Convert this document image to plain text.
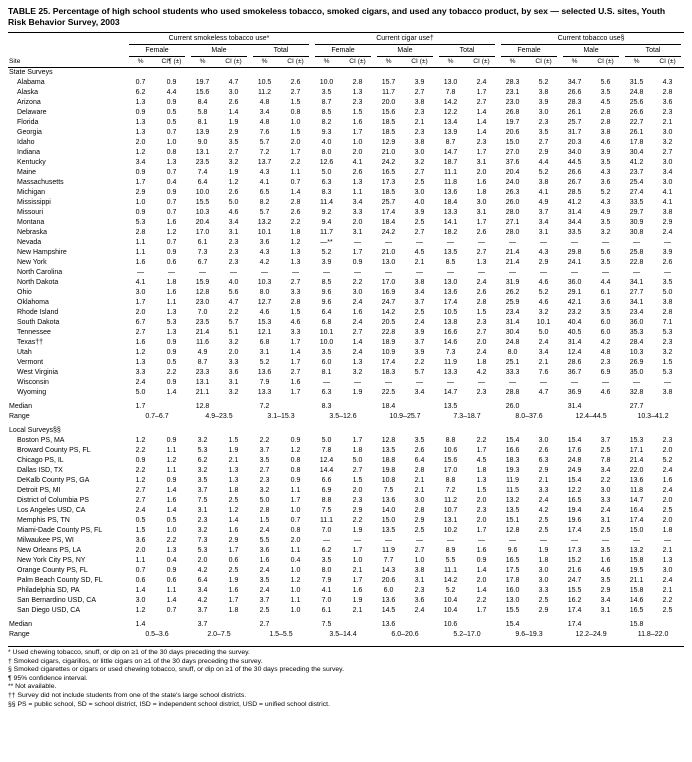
TABLE 25. Percentage of high school students who used smokeless tobacco, smoked cigars, and used any tobacco product, by sex — selected U.S. sites, Youth Risk Behavior Survey, 2003

	Current smokeless tobacco use*						Current cigar use†						Current tobacco use§					

	Female		Male		Total		Female		Male		Total		Female		Male		Total	

Site	%	CI¶ (±)	%	CI (±)	%	CI (±)	%	CI (±)	%	CI (±)	%	CI (±)	%	CI (±)	%	CI (±)	%	CI (±)
State Surveys																		
Alabama	0.7	0.9	19.7	4.7	10.5	2.6	10.0	2.8	15.7	3.9	13.0	2.4	28.3	5.2	34.7	5.6	31.5	4.3
Alaska	6.2	4.4	15.6	3.0	11.2	2.7	3.5	1.3	11.7	2.7	7.8	1.7	23.1	3.8	26.6	3.5	24.8	2.8
Arizona	1.3	0.9	8.4	2.6	4.8	1.5	8.7	2.3	20.0	3.8	14.2	2.7	23.0	3.9	28.3	4.5	25.6	3.6
Delaware	0.9	0.5	5.8	1.4	3.4	0.8	8.5	1.5	15.6	2.3	12.2	1.4	26.8	3.0	26.1	2.8	26.6	2.3
Florida	1.3	0.5	8.1	1.9	4.8	1.0	8.2	1.6	18.5	2.1	13.4	1.4	19.7	2.3	25.7	2.8	22.7	2.1
Georgia	1.3	0.7	13.9	2.9	7.6	1.5	9.3	1.7	18.5	2.3	13.9	1.4	20.6	3.5	31.7	3.8	26.1	3.0
Idaho	2.0	1.0	9.0	3.5	5.7	2.0	4.0	1.0	12.9	3.8	8.7	2.3	15.0	2.7	20.3	4.6	17.8	3.2
Indiana	1.2	0.8	13.1	2.7	7.2	1.7	8.0	2.0	21.0	3.0	14.7	1.7	27.0	2.9	34.0	3.9	30.4	2.7
Kentucky	3.4	1.3	23.5	3.2	13.7	2.2	12.6	4.1	24.2	3.2	18.7	3.1	37.6	4.4	44.5	3.5	41.2	3.0
Maine	0.9	0.7	7.4	1.9	4.3	1.1	5.0	2.6	16.5	2.7	11.1	2.0	20.4	5.2	26.6	4.3	23.7	3.4
Massachusetts	1.7	0.4	6.4	1.2	4.1	0.7	6.3	1.3	17.3	2.5	11.8	1.6	24.0	3.8	26.7	3.6	25.4	3.0
Michigan	2.9	0.9	10.0	2.6	6.5	1.4	8.3	1.1	18.5	3.0	13.6	1.8	26.3	4.1	28.5	5.2	27.4	4.1
Mississippi	1.0	0.7	15.5	5.0	8.2	2.8	11.4	3.4	25.7	4.0	18.4	3.0	26.0	4.9	41.2	4.3	33.5	4.1
Missouri	0.9	0.7	10.3	4.6	5.7	2.6	9.2	3.3	17.4	3.9	13.3	3.1	28.0	3.7	31.4	4.9	29.7	3.8
Montana	5.3	1.6	20.4	3.4	13.2	2.2	9.4	2.0	18.4	2.5	14.1	1.7	27.1	3.4	34.4	3.5	30.9	2.9
Nebraska	2.8	1.2	17.0	3.1	10.1	1.8	11.7	3.1	24.2	2.7	18.2	2.6	28.0	3.1	33.5	3.2	30.8	2.4
Nevada	1.1	0.7	6.1	2.3	3.6	1.2	—**	—	—	—	—	—	—	—	—	—	—	—
New Hampshire	1.1	0.9	7.3	2.3	4.3	1.3	5.2	1.7	21.0	4.5	13.5	2.7	21.4	4.3	29.8	5.6	25.8	3.9
New York	1.6	0.6	6.7	2.3	4.2	1.3	3.9	0.9	13.0	2.1	8.5	1.3	21.4	2.9	24.1	3.5	22.8	2.6
North Carolina	—	—	—	—	—	—	—	—	—	—	—	—	—	—	—	—	—	—
North Dakota	4.1	1.8	15.9	4.0	10.3	2.7	8.5	2.2	17.0	3.8	13.0	2.4	31.9	4.6	36.0	4.4	34.1	3.5
Ohio	3.0	1.6	12.8	5.6	8.0	3.3	9.6	3.0	16.9	3.4	13.6	2.6	26.2	5.2	29.1	6.1	27.7	5.0
Oklahoma	1.7	1.1	23.0	4.7	12.7	2.8	9.6	2.4	24.7	3.7	17.4	2.8	25.9	4.6	42.1	3.6	34.1	3.8
Rhode Island	2.0	1.3	7.0	2.2	4.6	1.5	6.4	1.6	14.2	2.5	10.5	1.5	23.4	3.2	23.2	3.5	23.4	2.8
South Dakota	6.7	5.3	23.5	5.7	15.3	4.6	6.8	2.4	20.5	2.4	13.8	2.3	31.4	10.1	40.4	6.0	36.0	7.1
Tennessee	2.7	1.3	21.4	5.1	12.1	3.3	10.1	2.7	22.8	3.9	16.6	2.7	30.4	5.0	40.5	6.0	35.3	5.3
Texas††	1.6	0.9	11.6	3.2	6.8	1.7	10.0	1.4	18.9	3.7	14.6	2.0	24.8	2.4	31.4	4.2	28.4	2.3
Utah	1.2	0.9	4.9	2.0	3.1	1.4	3.5	2.4	10.9	3.9	7.3	2.4	8.0	3.4	12.4	4.8	10.3	3.2
Vermont	1.3	0.5	8.7	3.3	5.2	1.7	6.0	1.3	17.4	2.2	11.9	1.8	25.1	2.1	28.6	2.3	26.9	1.5
West Virginia	3.3	2.2	23.3	3.6	13.6	2.7	8.1	3.2	18.3	5.7	13.3	4.2	33.3	7.6	36.7	6.9	35.0	5.3
Wisconsin	2.4	0.9	13.1	3.1	7.9	1.6	—	—	—	—	—	—	—	—	—	—	—	—
Wyoming	5.0	1.4	21.1	3.2	13.3	1.7	6.3	1.9	22.5	3.4	14.7	2.3	28.8	4.7	36.9	4.6	32.8	3.8

Median	1.7		12.8		7.2		8.3		18.4		13.5		26.0		31.4		27.7	
Range	0.7–6.7		4.9–23.5		3.1–15.3		3.5–12.6		10.9–25.7		7.3–18.7		8.0–37.6		12.4–44.5		10.3–41.2	

Local Surveys§§																		
Boston PS, MA	1.2	0.9	3.2	1.5	2.2	0.9	5.0	1.7	12.8	3.5	8.8	2.2	15.4	3.0	15.4	3.7	15.3	2.3
Broward County PS, FL	2.2	1.1	5.3	1.9	3.7	1.2	7.8	1.8	13.5	2.6	10.6	1.7	16.6	2.6	17.6	2.5	17.1	2.0
Chicago PS, IL	0.9	1.2	6.2	2.1	3.5	0.8	12.4	5.0	18.8	6.4	15.6	4.5	18.3	6.3	24.8	7.8	21.4	5.2
Dallas ISD, TX	2.2	1.1	3.2	1.3	2.7	0.8	14.4	2.7	19.8	2.8	17.0	1.8	19.3	2.9	24.9	3.4	22.0	2.4
DeKalb County PS, GA	1.2	0.9	3.5	1.3	2.3	0.9	6.6	1.5	10.8	2.1	8.8	1.3	11.9	2.1	15.4	2.2	13.6	1.6
Detroit PS, MI	2.7	1.4	3.7	1.8	3.2	1.1	6.9	2.0	7.5	2.1	7.2	1.5	11.5	3.3	12.2	3.0	11.8	2.4
District of Columbia PS	2.7	1.6	7.5	2.5	5.0	1.7	8.8	2.3	13.6	3.0	11.2	2.0	13.2	2.4	16.5	3.3	14.7	2.0
Los Angeles USD, CA	2.4	1.4	3.1	1.2	2.8	1.0	7.5	2.9	14.0	2.8	10.7	2.3	13.5	4.2	19.4	2.4	16.4	2.5
Memphis PS, TN	0.5	0.5	2.3	1.4	1.5	0.7	11.1	2.2	15.0	2.9	13.1	2.0	15.1	2.5	19.6	3.1	17.4	2.0
Miami-Dade County PS, FL	1.5	1.0	3.2	1.6	2.4	0.8	7.0	1.9	13.5	2.5	10.2	1.7	12.8	2.5	17.4	2.5	15.0	1.8
Milwaukee PS, WI	3.6	2.2	7.3	2.9	5.5	2.0	—	—	—	—	—	—	—	—	—	—	—	—
New Orleans PS, LA	2.0	1.3	5.3	1.7	3.6	1.1	6.2	1.7	11.9	2.7	8.9	1.6	9.6	1.9	17.3	3.5	13.2	2.1
New York City PS, NY	1.1	0.4	2.0	0.6	1.6	0.4	3.5	1.0	7.7	1.0	5.5	0.9	16.5	1.8	15.2	1.6	15.8	1.3
Orange County PS, FL	0.7	0.9	4.2	2.5	2.4	1.0	8.0	2.1	14.3	3.8	11.1	1.4	17.5	3.0	21.6	4.6	19.5	3.0
Palm Beach County SD, FL	0.6	0.6	6.4	1.9	3.5	1.2	7.9	1.7	20.6	3.1	14.2	2.0	17.8	3.0	24.7	3.5	21.1	2.4
Philadelphia SD, PA	1.4	1.1	3.4	1.6	2.4	1.0	4.1	1.6	6.0	2.3	5.2	1.4	16.0	3.3	15.5	2.9	15.8	2.1
San Bernardino USD, CA	3.0	1.4	4.2	1.7	3.7	1.1	7.0	1.9	13.6	3.6	10.4	2.2	13.0	2.5	16.2	3.4	14.6	2.2
San Diego USD, CA	1.2	0.7	3.7	1.8	2.5	1.0	6.1	2.1	14.5	2.4	10.4	1.7	15.5	2.9	17.4	3.1	16.5	2.5

Median	1.4		3.7		2.7		7.5		13.6		10.6		15.4		17.4		15.8	
Range	0.5–3.6		2.0–7.5		1.5–5.5		3.5–14.4		6.0–20.6		5.2–17.0		9.6–19.3		12.2–24.9		11.8–22.0	

* Used chewing tobacco, snuff, or dip on ≥1 of the 30 days preceding the survey.
† Smoked cigars, cigarillos, or little cigars on ≥1 of the 30 days preceding the survey.
§ Smoked cigarettes or cigars or used chewing tobacco, snuff, or dip on ≥1 of the 30 days preceding the survey.
¶ 95% confidence interval.
** Not available.
†† Survey did not include students from one of the state's large school districts.
§§ PS = public school, SD = school district, ISD = independent school district, USD = unified school district.
